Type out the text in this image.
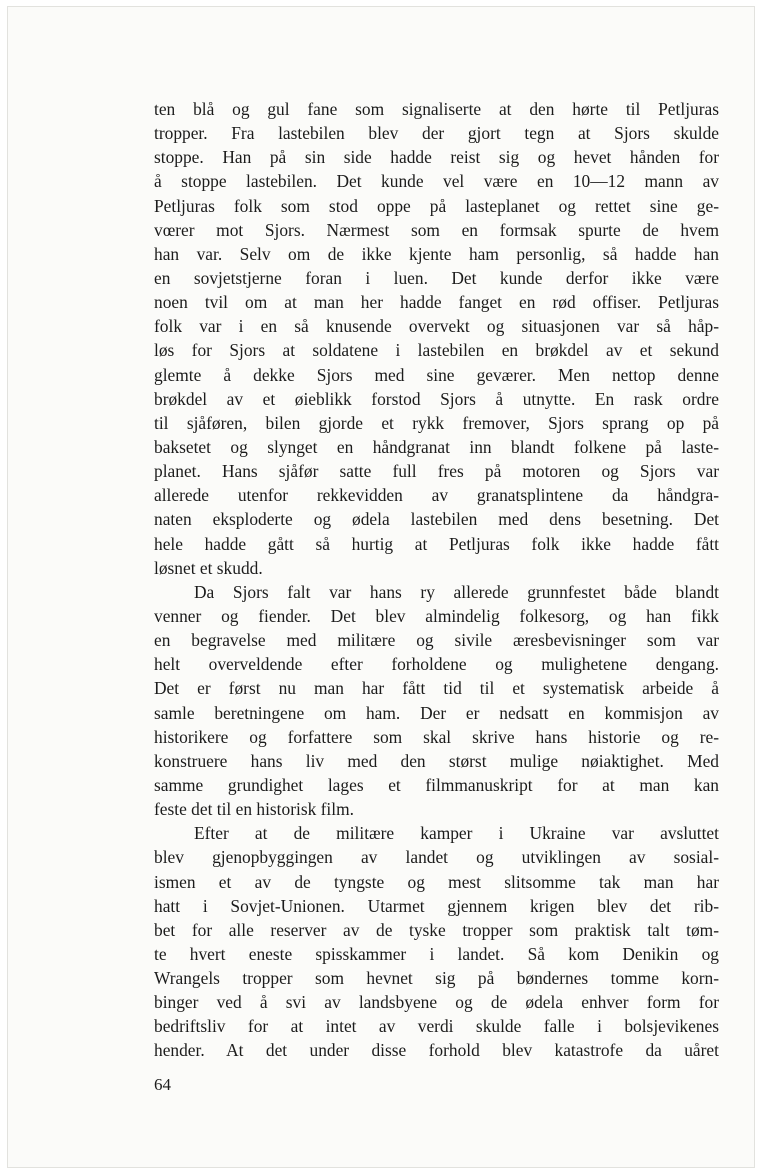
ten blå og gul fane som signaliserte at den hørte til Petljuras
tropper. Fra lastebilen blev der gjort tegn at Sjors skulde
stoppe. Han på sin side hadde reist sig og hevet hånden for
å stoppe lastebilen. Det kunde vel være en 10—12 mann av
Petljuras folk som stod oppe på lasteplanet og rettet sine ge-
vœrer mot Sjors. Nærmest som en formsak spurte de hvem
han var. Selv om de ikke kjente ham personlig, så hadde han
en sovjetstjerne foran i luen. Det kunde derfor ikke være
noen tvil om at man her hadde fanget en rød offiser. Petljuras
folk var i en så knusende overvekt og situasjonen var så håp-
løs for Sjors at soldatene i lastebilen en brøkdel av et sekund
glemte å dekke Sjors med sine geværer. Men nettop denne
brøkdel av et øieblikk forstod Sjors å utnytte. En rask ordre
til sjåføren, bilen gjorde et rykk fremover, Sjors sprang op på
baksetet og slynget en håndgranat inn blandt folkene på laste-
planet. Hans sjåfør satte full fres på motoren og Sjors var
allerede utenfor rekkevidden av granatsplintene da håndgra-
naten eksploderte og ødela lastebilen med dens besetning. Det
hele hadde gått så hurtig at Petljuras folk ikke hadde fått
løsnet et skudd.
Da Sjors falt var hans ry allerede grunnfestet både blandt
venner og fiender. Det blev almindelig folkesorg, og han fikk
en begravelse med militære og sivile æresbevisninger som var
helt overveldende efter forholdene og mulighetene dengang.
Det er først nu man har fått tid til et systematisk arbeide å
samle beretningene om ham. Der er nedsatt en kommisjon av
historikere og forfattere som skal skrive hans historie og re-
konstruere hans liv med den størst mulige nøiaktighet. Med
samme grundighet lages et filmmanuskript for at man kan
feste det til en historisk film.
Efter at de militære kamper i Ukraine var avsluttet
blev gjenopbyggingen av landet og utviklingen av sosial-
ismen et av de tyngste og mest slitsomme tak man har
hatt i Sovjet-Unionen. Utarmet gjennem krigen blev det rib-
bet for alle reserver av de tyske tropper som praktisk talt tøm-
te hvert eneste spisskammer i landet. Så kom Denikin og
Wrangels tropper som hevnet sig på bøndernes tomme korn-
binger ved å svi av landsbyene og de ødela enhver form for
bedriftsliv for at intet av verdi skulde falle i bolsjevikenes
hender. At det under disse forhold blev katastrofe da uåret
64
